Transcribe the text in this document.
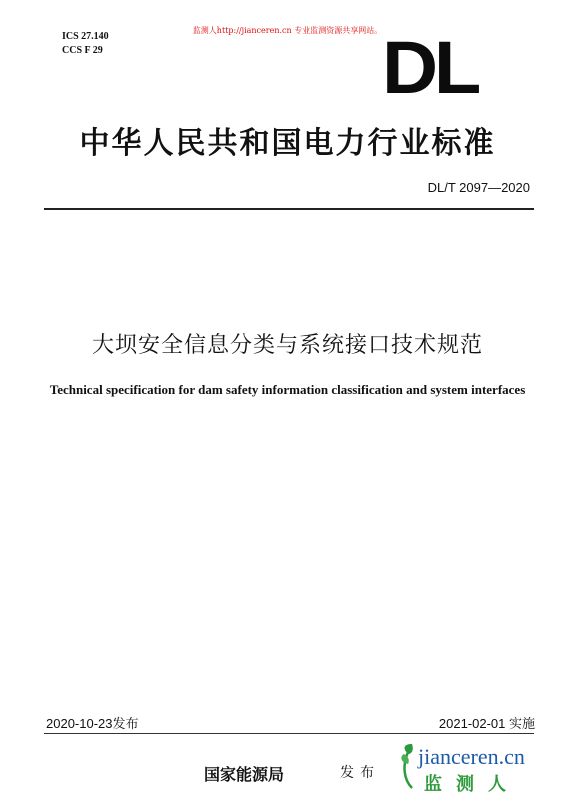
监测人http://jianceren.cn 专业监测资源共享网站。
ICS 27.140
CCS F 29	DL
中华人民共和国电力行业标准
DL/T 2097—2020
大坝安全信息分类与系统接口技术规范
Technical specification for dam safety information classification and system interfaces
2020-10-23发布	2021-02-01 实施
国家能源局	发布
jianceren.cn
监测人
